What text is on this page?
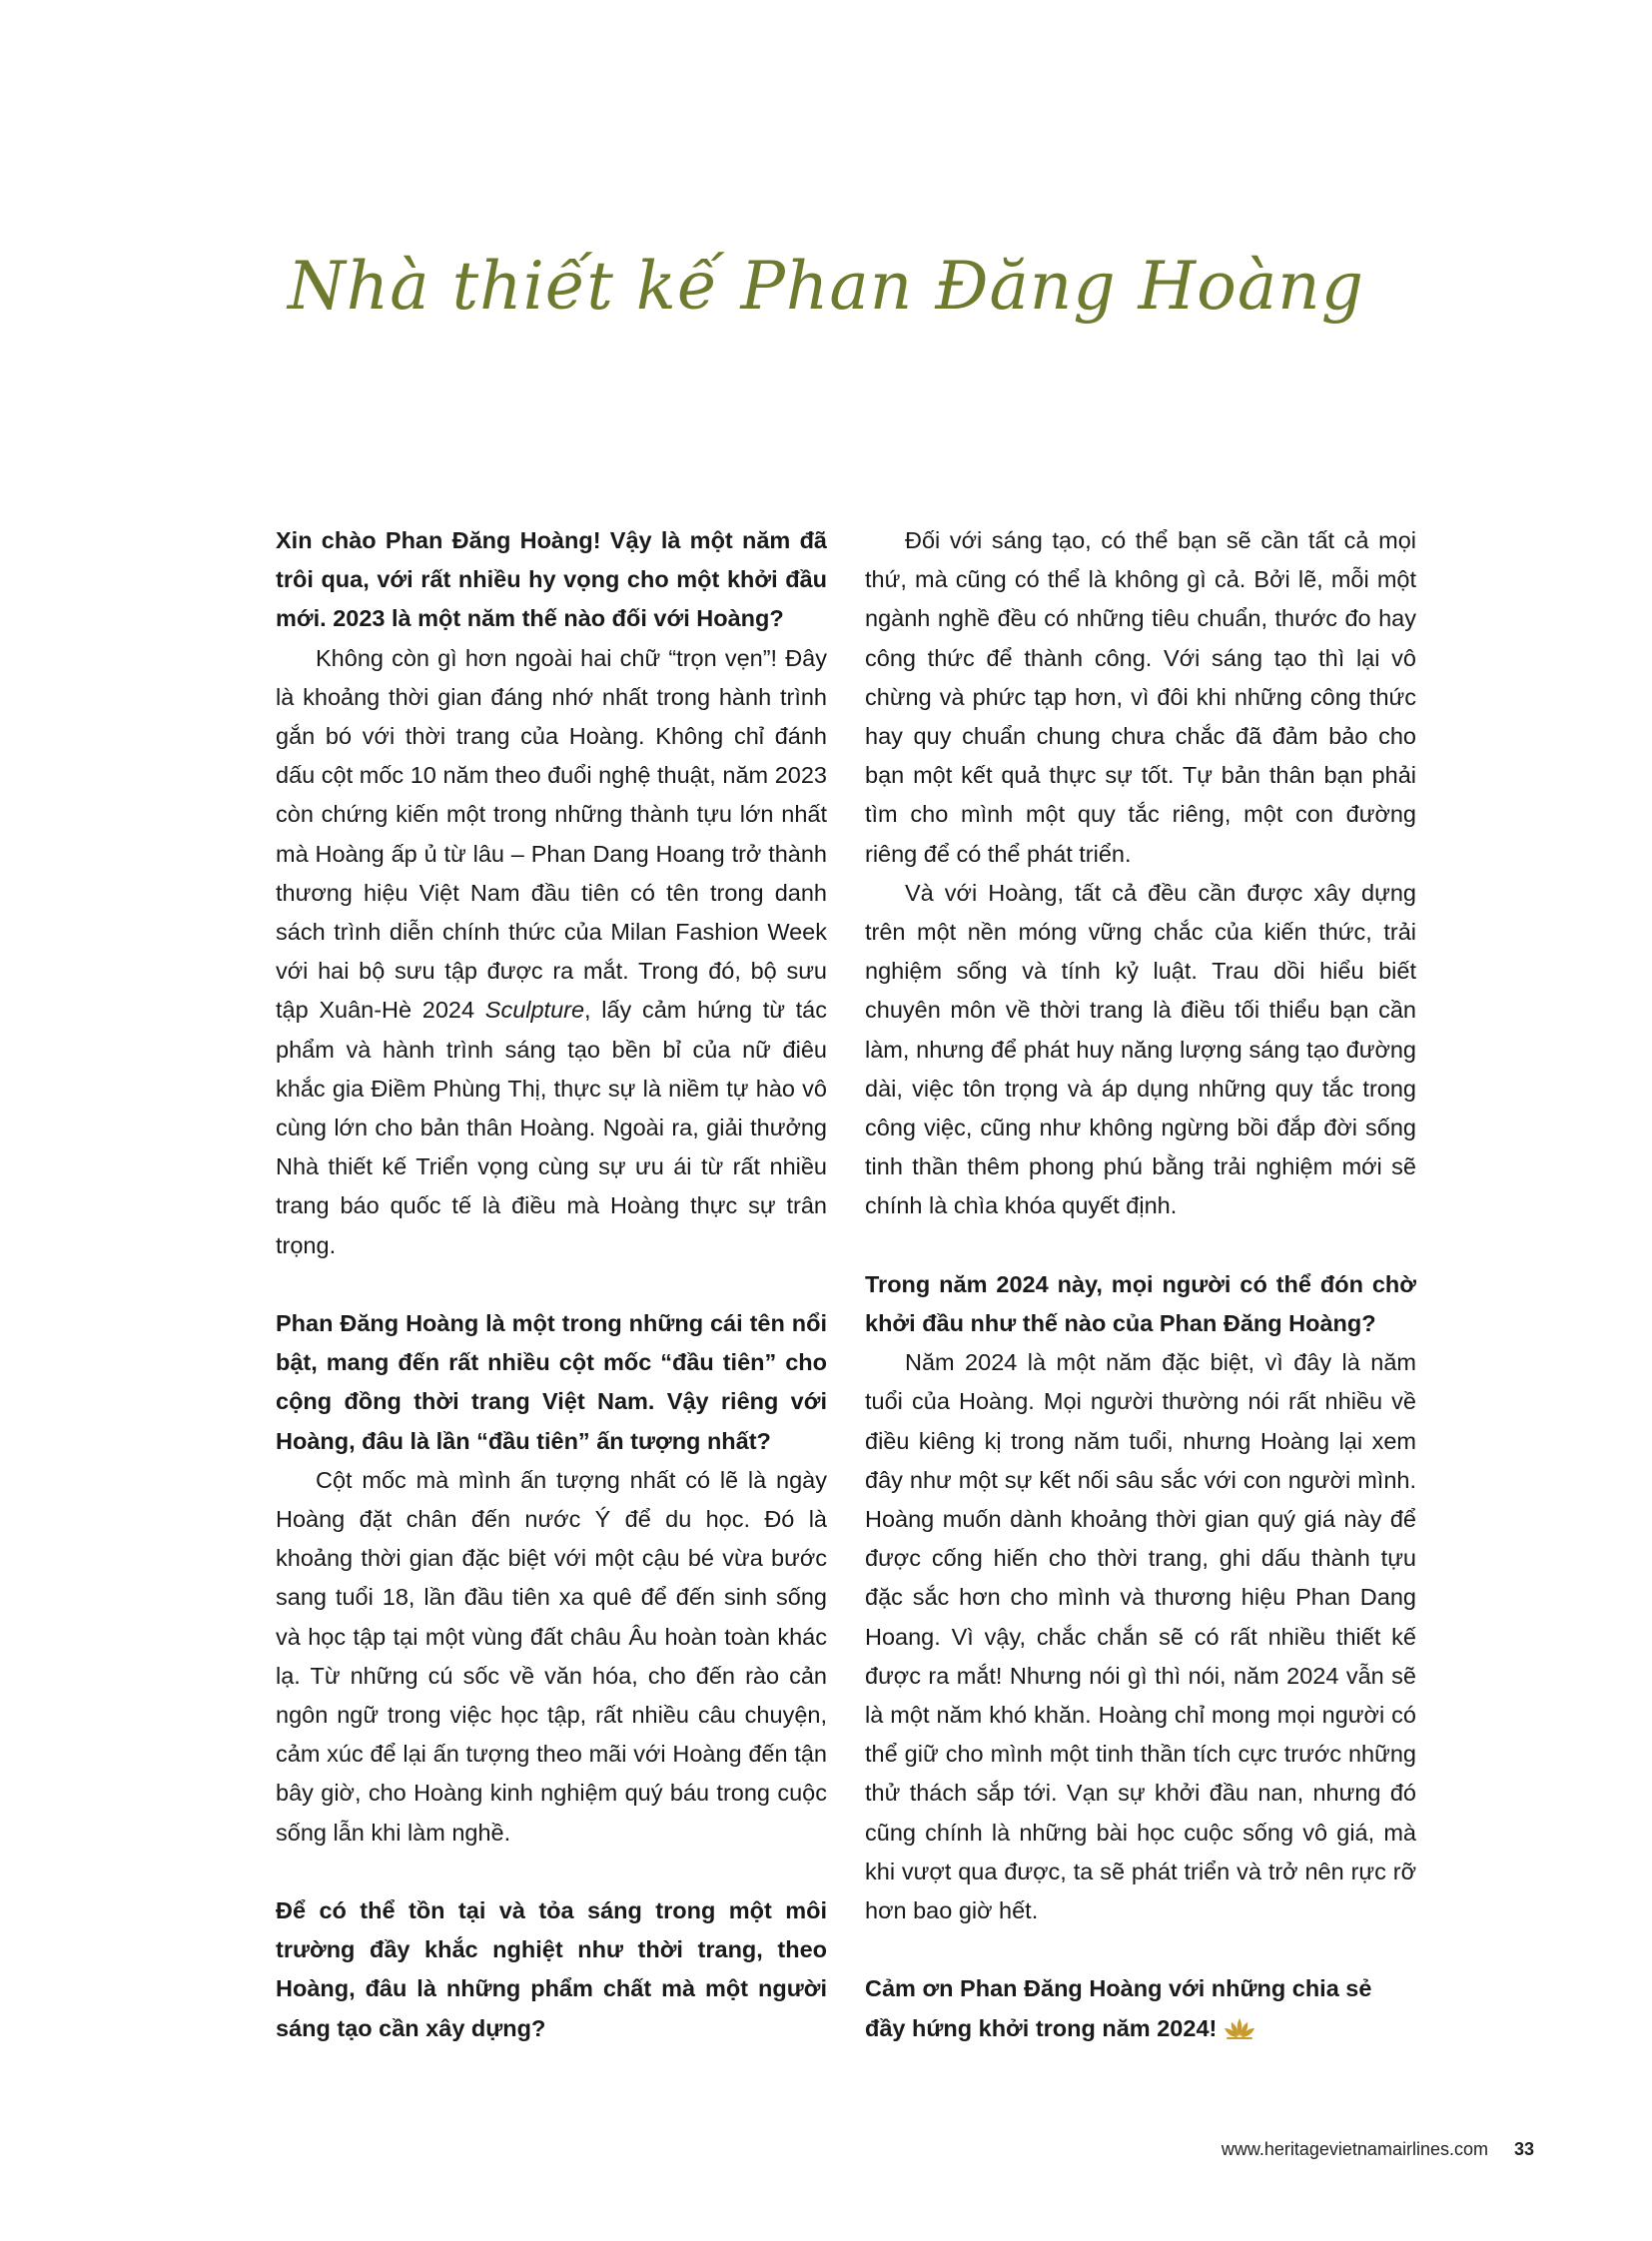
Nhà thiết kế Phan Đăng Hoàng

Xin chào Phan Đăng Hoàng! Vậy là một năm đã trôi qua, với rất nhiều hy vọng cho một khởi đầu mới. 2023 là một năm thế nào đối với Hoàng?

Không còn gì hơn ngoài hai chữ “trọn vẹn”! Đây là khoảng thời gian đáng nhớ nhất trong hành trình gắn bó với thời trang của Hoàng. Không chỉ đánh dấu cột mốc 10 năm theo đuổi nghệ thuật, năm 2023 còn chứng kiến một trong những thành tựu lớn nhất mà Hoàng ấp ủ từ lâu – Phan Dang Hoang trở thành thương hiệu Việt Nam đầu tiên có tên trong danh sách trình diễn chính thức của Milan Fashion Week với hai bộ sưu tập được ra mắt. Trong đó, bộ sưu tập Xuân-Hè 2024 Sculpture, lấy cảm hứng từ tác phẩm và hành trình sáng tạo bền bỉ của nữ điêu khắc gia Điềm Phùng Thị, thực sự là niềm tự hào vô cùng lớn cho bản thân Hoàng. Ngoài ra, giải thưởng Nhà thiết kế Triển vọng cùng sự ưu ái từ rất nhiều trang báo quốc tế là điều mà Hoàng thực sự trân trọng.

Phan Đăng Hoàng là một trong những cái tên nổi bật, mang đến rất nhiều cột mốc “đầu tiên” cho cộng đồng thời trang Việt Nam. Vậy riêng với Hoàng, đâu là lần “đầu tiên” ấn tượng nhất?

Cột mốc mà mình ấn tượng nhất có lẽ là ngày Hoàng đặt chân đến nước Ý để du học. Đó là khoảng thời gian đặc biệt với một cậu bé vừa bước sang tuổi 18, lần đầu tiên xa quê để đến sinh sống và học tập tại một vùng đất châu Âu hoàn toàn khác lạ. Từ những cú sốc về văn hóa, cho đến rào cản ngôn ngữ trong việc học tập, rất nhiều câu chuyện, cảm xúc để lại ấn tượng theo mãi với Hoàng đến tận bây giờ, cho Hoàng kinh nghiệm quý báu trong cuộc sống lẫn khi làm nghề.

Để có thể tồn tại và tỏa sáng trong một môi trường đầy khắc nghiệt như thời trang, theo Hoàng, đâu là những phẩm chất mà một người sáng tạo cần xây dựng?

Đối với sáng tạo, có thể bạn sẽ cần tất cả mọi thứ, mà cũng có thể là không gì cả. Bởi lẽ, mỗi một ngành nghề đều có những tiêu chuẩn, thước đo hay công thức để thành công. Với sáng tạo thì lại vô chừng và phức tạp hơn, vì đôi khi những công thức hay quy chuẩn chung chưa chắc đã đảm bảo cho bạn một kết quả thực sự tốt. Tự bản thân bạn phải tìm cho mình một quy tắc riêng, một con đường riêng để có thể phát triển.

Và với Hoàng, tất cả đều cần được xây dựng trên một nền móng vững chắc của kiến thức, trải nghiệm sống và tính kỷ luật. Trau dồi hiểu biết chuyên môn về thời trang là điều tối thiểu bạn cần làm, nhưng để phát huy năng lượng sáng tạo đường dài, việc tôn trọng và áp dụng những quy tắc trong công việc, cũng như không ngừng bồi đắp đời sống tinh thần thêm phong phú bằng trải nghiệm mới sẽ chính là chìa khóa quyết định.

Trong năm 2024 này, mọi người có thể đón chờ khởi đầu như thế nào của Phan Đăng Hoàng?

Năm 2024 là một năm đặc biệt, vì đây là năm tuổi của Hoàng. Mọi người thường nói rất nhiều về điều kiêng kị trong năm tuổi, nhưng Hoàng lại xem đây như một sự kết nối sâu sắc với con người mình. Hoàng muốn dành khoảng thời gian quý giá này để được cống hiến cho thời trang, ghi dấu thành tựu đặc sắc hơn cho mình và thương hiệu Phan Dang Hoang. Vì vậy, chắc chắn sẽ có rất nhiều thiết kế được ra mắt! Nhưng nói gì thì nói, năm 2024 vẫn sẽ là một năm khó khăn. Hoàng chỉ mong mọi người có thể giữ cho mình một tinh thần tích cực trước những thử thách sắp tới. Vạn sự khởi đầu nan, nhưng đó cũng chính là những bài học cuộc sống vô giá, mà khi vượt qua được, ta sẽ phát triển và trở nên rực rỡ hơn bao giờ hết.

Cảm ơn Phan Đăng Hoàng với những chia sẻ đầy hứng khởi trong năm 2024!

www.heritagevietnamairlines.com 33
